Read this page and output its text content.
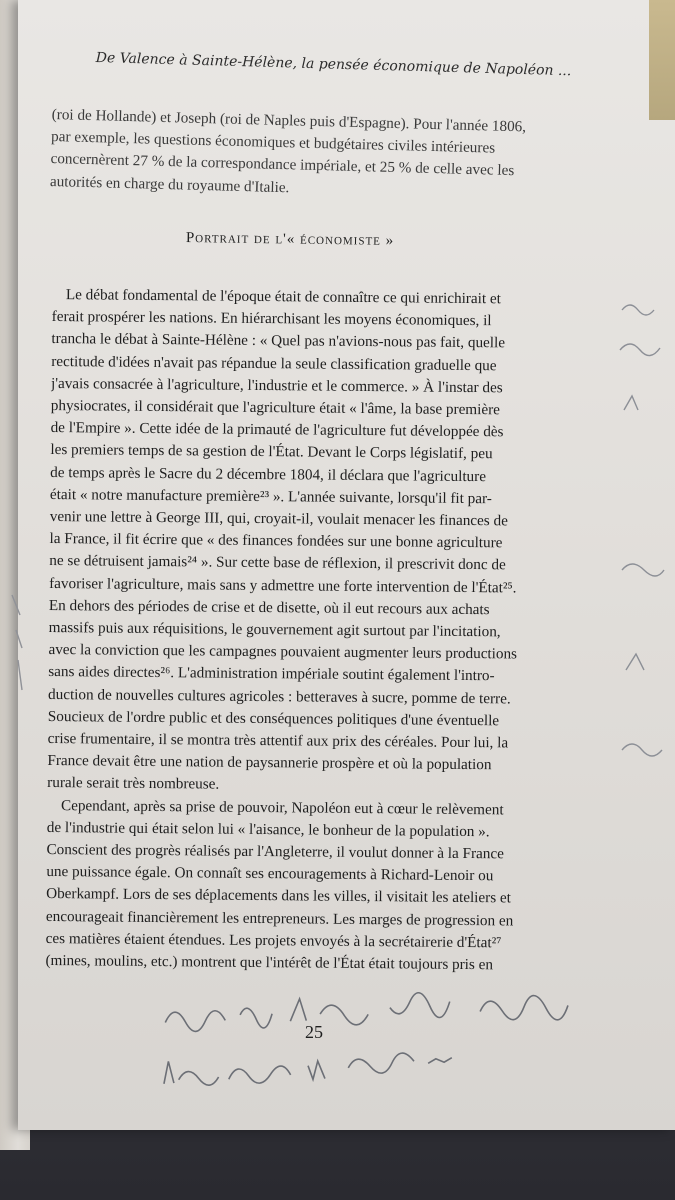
De Valence à Sainte-Hélène, la pensée économique de Napoléon ...
(roi de Hollande) et Joseph (roi de Naples puis d'Espagne). Pour l'année 1806,
par exemple, les questions économiques et budgétaires civiles intérieures
concernèrent 27 % de la correspondance impériale, et 25 % de celle avec les
autorités en charge du royaume d'Italie.
Portrait de l'« économiste »
Le débat fondamental de l'époque était de connaître ce qui enrichirait et
ferait prospérer les nations. En hiérarchisant les moyens économiques, il
trancha le débat à Sainte-Hélène : « Quel pas n'avions-nous pas fait, quelle
rectitude d'idées n'avait pas répandue la seule classification graduelle que
j'avais consacrée à l'agriculture, l'industrie et le commerce. » À l'instar des
physiocrates, il considérait que l'agriculture était « l'âme, la base première
de l'Empire ». Cette idée de la primauté de l'agriculture fut développée dès
les premiers temps de sa gestion de l'État. Devant le Corps législatif, peu
de temps après le Sacre du 2 décembre 1804, il déclara que l'agriculture
était « notre manufacture première²³ ». L'année suivante, lorsqu'il fit par-
venir une lettre à George III, qui, croyait-il, voulait menacer les finances de
la France, il fit écrire que « des finances fondées sur une bonne agriculture
ne se détruisent jamais²⁴ ». Sur cette base de réflexion, il prescrivit donc de
favoriser l'agriculture, mais sans y admettre une forte intervention de l'État²⁵.
En dehors des périodes de crise et de disette, où il eut recours aux achats
massifs puis aux réquisitions, le gouvernement agit surtout par l'incitation,
avec la conviction que les campagnes pouvaient augmenter leurs productions
sans aides directes²⁶. L'administration impériale soutint également l'intro-
duction de nouvelles cultures agricoles : betteraves à sucre, pomme de terre.
Soucieux de l'ordre public et des conséquences politiques d'une éventuelle
crise frumentaire, il se montra très attentif aux prix des céréales. Pour lui, la
France devait être une nation de paysannerie prospère et où la population
rurale serait très nombreuse.
Cependant, après sa prise de pouvoir, Napoléon eut à cœur le relèvement
de l'industrie qui était selon lui « l'aisance, le bonheur de la population ».
Conscient des progrès réalisés par l'Angleterre, il voulut donner à la France
une puissance égale. On connaît ses encouragements à Richard-Lenoir ou
Oberkampf. Lors de ses déplacements dans les villes, il visitait les ateliers et
encourageait financièrement les entrepreneurs. Les marges de progression en
ces matières étaient étendues. Les projets envoyés à la secrétairerie d'État²⁷
(mines, moulins, etc.) montrent que l'intérêt de l'État était toujours pris en
25
